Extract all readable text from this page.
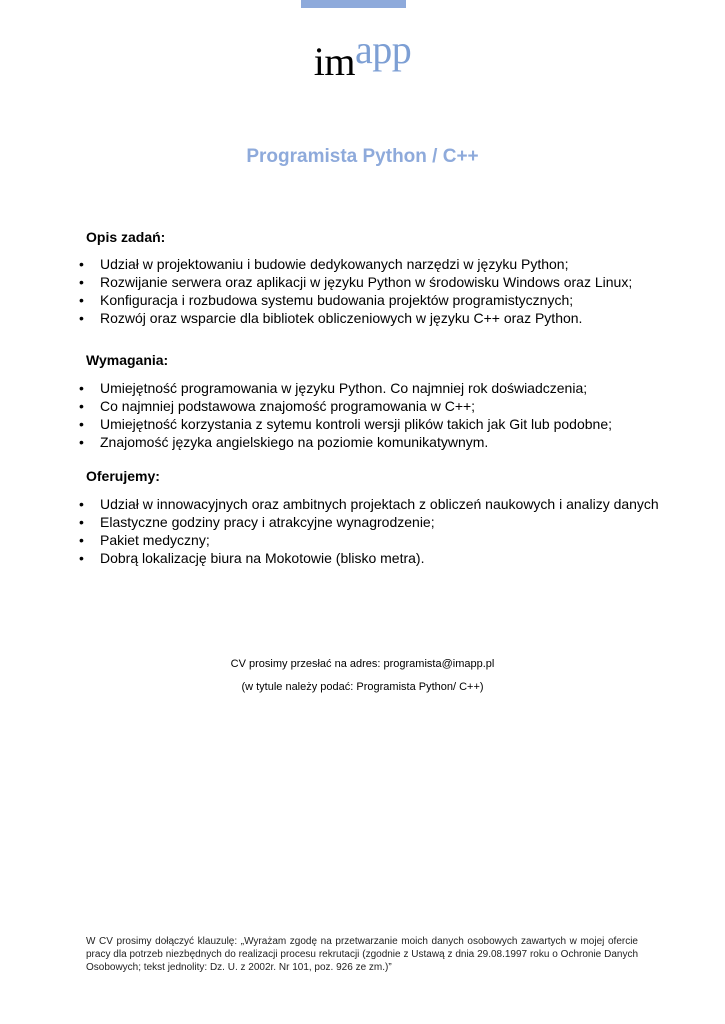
imapp
Programista Python / C++
Opis zadań:
• Udział w projektowaniu i budowie dedykowanych narzędzi w języku Python;
• Rozwijanie serwera oraz aplikacji w języku Python w środowisku Windows oraz Linux;
• Konfiguracja i rozbudowa systemu budowania projektów programistycznych;
• Rozwój oraz wsparcie dla bibliotek obliczeniowych w języku C++ oraz Python.
Wymagania:
• Umiejętność programowania w języku Python. Co najmniej rok doświadczenia;
• Co najmniej podstawowa znajomość programowania w C++;
• Umiejętność korzystania z sytemu kontroli wersji plików takich jak Git lub podobne;
• Znajomość języka angielskiego na poziomie komunikatywnym.
Oferujemy:
• Udział w innowacyjnych oraz ambitnych projektach z obliczeń naukowych i analizy danych
• Elastyczne godziny pracy i atrakcyjne wynagrodzenie;
• Pakiet medyczny;
• Dobrą lokalizację biura na Mokotowie (blisko metra).
CV prosimy przesłać na adres: programista@imapp.pl
(w tytule należy podać: Programista Python/ C++)
W CV prosimy dołączyć klauzulę: „Wyrażam zgodę na przetwarzanie moich danych osobowych zawartych w mojej ofercie pracy dla potrzeb niezbędnych do realizacji procesu rekrutacji (zgodnie z Ustawą z dnia 29.08.1997 roku o Ochronie Danych Osobowych; tekst jednolity: Dz. U. z 2002r. Nr 101, poz. 926 ze zm.)”
